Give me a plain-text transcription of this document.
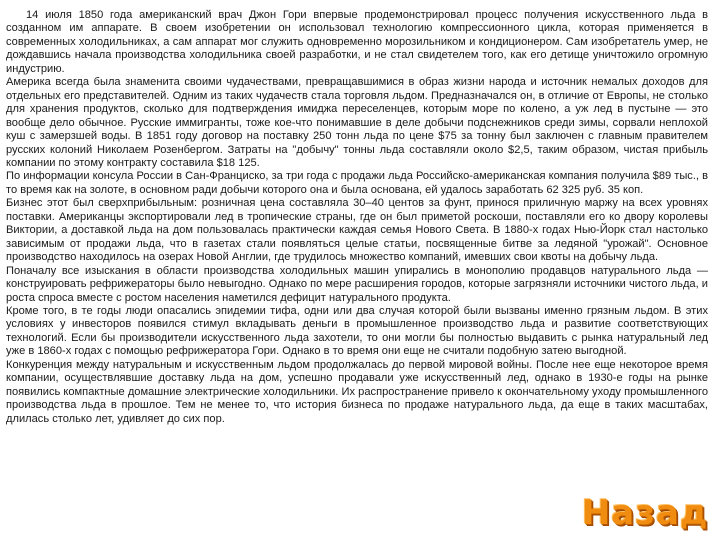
14 июля 1850 года американский врач Джон Гори впервые продемонстрировал процесс получения искусственного льда в созданном им аппарате. В своем изобретении он использовал технологию компрессионного цикла, которая применяется в современных холодильниках, а сам аппарат мог служить одновременно морозильником и кондиционером. Сам изобретатель умер, не дождавшись начала производства холодильника своей разработки, и не стал свидетелем того, как его детище уничтожило огромную индустрию.

Америка всегда была знаменита своими чудачествами, превращавшимися в образ жизни народа и источник немалых доходов для отдельных его представителей. Одним из таких чудачеств стала торговля льдом. Предназначался он, в отличие от Европы, не столько для хранения продуктов, сколько для подтверждения имиджа переселенцев, которым море по колено, а уж лед в пустыне — это вообще дело обычное. Русские иммигранты, тоже кое-что понимавшие в деле добычи подснежников среди зимы, сорвали неплохой куш с замерзшей воды. В 1851 году договор на поставку 250 тонн льда по цене $75 за тонну был заключен с главным правителем русских колоний Николаем Розенбергом. Затраты на "добычу" тонны льда составляли около $2,5, таким образом, чистая прибыль компании по этому контракту составила $18 125.

По информации консула России в Сан-Франциско, за три года с продажи льда Российско-американская компания получила $89 тыс., в то время как на золоте, в основном ради добычи которого она и была основана, ей удалось заработать 62 325 руб. 35 коп.

Бизнес этот был сверхприбыльным: розничная цена составляла 30–40 центов за фунт, принося приличную маржу на всех уровнях поставки. Американцы экспортировали лед в тропические страны, где он был приметой роскоши, поставляли его ко двору королевы Виктории, а доставкой льда на дом пользовалась практически каждая семья Нового Света. В 1880-х годах Нью-Йорк стал настолько зависимым от продажи льда, что в газетах стали появляться целые статьи, посвященные битве за ледяной "урожай". Основное производство находилось на озерах Новой Англии, где трудилось множество компаний, имевших свои квоты на добычу льда.

Поначалу все изыскания в области производства холодильных машин упирались в монополию продавцов натурального льда — конструировать рефрижераторы было невыгодно. Однако по мере расширения городов, которые загрязняли источники чистого льда, и роста спроса вместе с ростом населения наметился дефицит натурального продукта.

Кроме того, в те годы люди опасались эпидемии тифа, одни или два случая которой были вызваны именно грязным льдом. В этих условиях у инвесторов появился стимул вкладывать деньги в промышленное производство льда и развитие соответствующих технологий. Если бы производители искусственного льда захотели, то они могли бы полностью выдавить с рынка натуральный лед уже в 1860-х годах с помощью рефрижератора Гори. Однако в то время они еще не считали подобную затею выгодной.

Конкуренция между натуральным и искусственным льдом продолжалась до первой мировой войны. После нее еще некоторое время компании, осуществлявшие доставку льда на дом, успешно продавали уже искусственный лед, однако в 1930-е годы на рынке появились компактные домашние электрические холодильники. Их распространение привело к окончательному уходу промышленного производства льда в прошлое. Тем не менее то, что история бизнеса по продаже натурального льда, да еще в таких масштабах, длилась столько лет, удивляет до сих пор.

Назад
